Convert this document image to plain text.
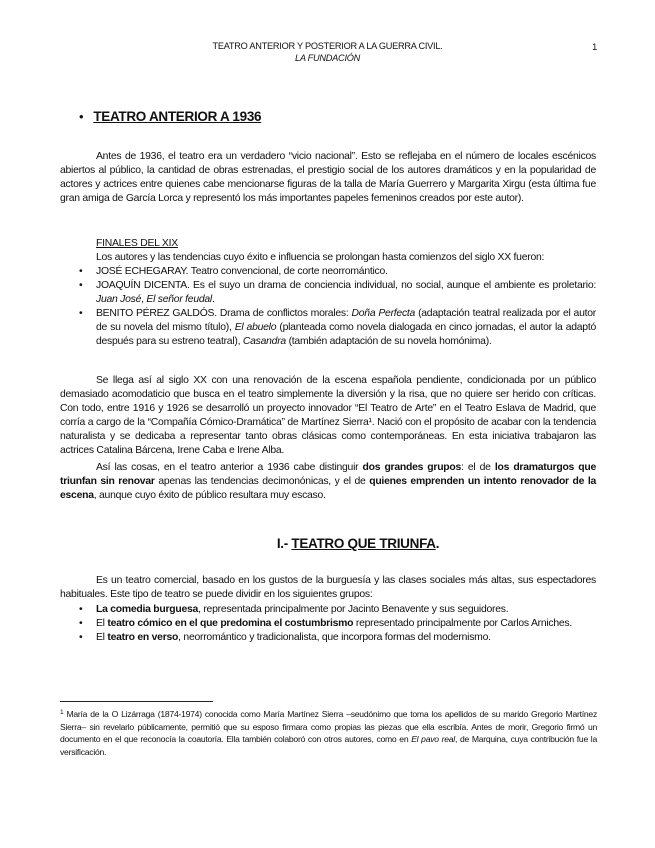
TEATRO ANTERIOR Y POSTERIOR A LA GUERRA CIVIL.
LA FUNDACIÓN
1
• TEATRO ANTERIOR A 1936
Antes de 1936, el teatro era un verdadero “vicio nacional”. Esto se reflejaba en el número de locales escénicos abiertos al público, la cantidad de obras estrenadas, el prestigio social de los autores dramáticos y en la popularidad de actores y actrices entre quienes cabe mencionarse figuras de la talla de María Guerrero y Margarita Xirgu (esta última fue gran amiga de García Lorca y representó los más importantes papeles femeninos creados por este autor).
FINALES DEL XIX
Los autores y las tendencias cuyo éxito e influencia se prolongan hasta comienzos del siglo XX fueron:
• JOSÉ ECHEGARAY. Teatro convencional, de corte neorromántico.
• JOAQUÍN DICENTA. Es el suyo un drama de conciencia individual, no social, aunque el ambiente es proletario: Juan José, El señor feudal.
• BENITO PÉREZ GALDÓS. Drama de conflictos morales: Doña Perfecta (adaptación teatral realizada por el autor de su novela del mismo título), El abuelo (planteada como novela dialogada en cinco jornadas, el autor la adaptó después para su estreno teatral), Casandra (también adaptación de su novela homónima).
Se llega así al siglo XX con una renovación de la escena española pendiente, condicionada por un público demasiado acomodaticio que busca en el teatro simplemente la diversión y la risa, que no quiere ser herido con críticas. Con todo, entre 1916 y 1926 se desarrolló un proyecto innovador “El Teatro de Arte” en el Teatro Eslava de Madrid, que corría a cargo de la “Compañía Cómico-Dramática” de Martínez Sierra¹. Nació con el propósito de acabar con la tendencia naturalista y se dedicaba a representar tanto obras clásicas como contemporáneas. En esta iniciativa trabajaron las actrices Catalina Bárcena, Irene Caba e Irene Alba.
Así las cosas, en el teatro anterior a 1936 cabe distinguir dos grandes grupos: el de los dramaturgos que triunfan sin renovar apenas las tendencias decimonónicas, y el de quienes emprenden un intento renovador de la escena, aunque cuyo éxito de público resultara muy escaso.
I.- TEATRO QUE TRIUNFA.
Es un teatro comercial, basado en los gustos de la burguesía y las clases sociales más altas, sus espectadores habituales. Este tipo de teatro se puede dividir en los siguientes grupos:
• La comedia burguesa, representada principalmente por Jacinto Benavente y sus seguidores.
• El teatro cómico en el que predomina el costumbrismo representado principalmente por Carlos Arniches.
• El teatro en verso, neorromántico y tradicionalista, que incorpora formas del modernismo.
$^1$ María de la O Lizárraga (1874-1974) conocida como María Martínez Sierra –seudónimo que toma los apellidos de su marido Gregorio Martínez Sierra– sin revelarlo públicamente, permitió que su esposo firmara como propias las piezas que ella escribía. Antes de morir, Gregorio firmó un documento en el que reconocía la coautoría. Ella también colaboró con otros autores, como en El pavo real, de Marquina, cuya contribución fue la versificación.
